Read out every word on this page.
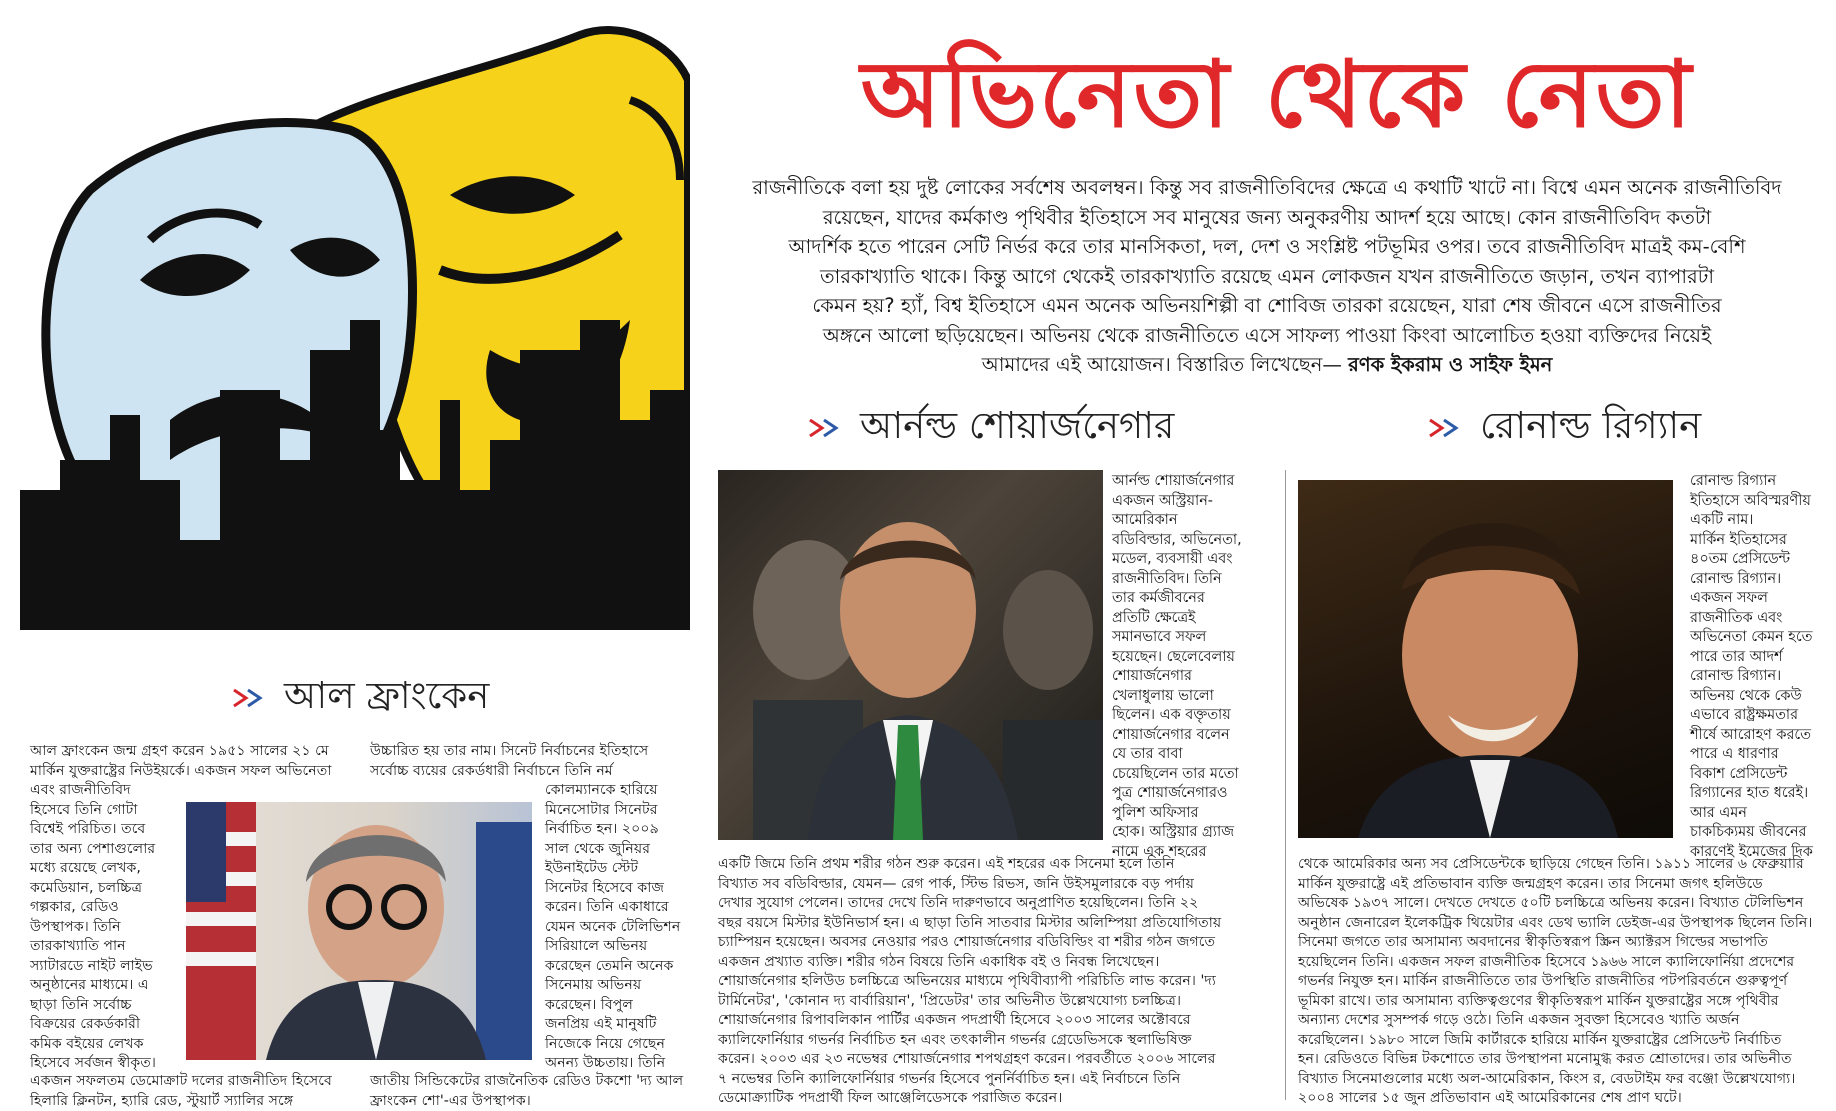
অভিনেতা থেকে নেতা
রাজনীতিকে বলা হয় দুষ্ট লোকের সর্বশেষ অবলম্বন। কিন্তু সব রাজনীতিবিদের ক্ষেত্রে এ কথাটি খাটে না। বিশ্বে এমন অনেক রাজনীতিবিদ
রয়েছেন, যাদের কর্মকাণ্ড পৃথিবীর ইতিহাসে সব মানুষের জন্য অনুকরণীয় আদর্শ হয়ে আছে। কোন রাজনীতিবিদ কতটা
আদর্শিক হতে পারেন সেটি নির্ভর করে তার মানসিকতা, দল, দেশ ও সংশ্লিষ্ট পটভূমির ওপর। তবে রাজনীতিবিদ মাত্রই কম-বেশি
তারকাখ্যাতি থাকে। কিন্তু আগে থেকেই তারকাখ্যাতি রয়েছে এমন লোকজন যখন রাজনীতিতে জড়ান, তখন ব্যাপারটা
কেমন হয়? হ্যাঁ, বিশ্ব ইতিহাসে এমন অনেক অভিনয়শিল্পী বা শোবিজ তারকা রয়েছেন, যারা শেষ জীবনে এসে রাজনীতির
অঙ্গনে আলো ছড়িয়েছেন। অভিনয় থেকে রাজনীতিতে এসে সাফল্য পাওয়া কিংবা আলোচিত হওয়া ব্যক্তিদের নিয়েই
আমাদের এই আয়োজন। বিস্তারিত লিখেছেন— রণক ইকরাম ও সাইফ ইমন
আর্নল্ড শোয়ার্জনেগার	রোনাল্ড রিগ্যান
আল ফ্রাংকেন
আর্নল্ড শোয়ার্জনেগার
একজন অস্ট্রিয়ান-
আমেরিকান
বডিবিল্ডার, অভিনেতা,
মডেল, ব্যবসায়ী এবং
রাজনীতিবিদ। তিনি
তার কর্মজীবনের
প্রতিটি ক্ষেত্রেই
সমানভাবে সফল
হয়েছেন। ছেলেবেলায়
শোয়ার্জনেগার
খেলাধুলায় ভালো
ছিলেন। এক বক্তৃতায়
শোয়ার্জনেগার বলেন
যে তার বাবা
চেয়েছিলেন তার মতো
পুত্র শোয়ার্জনেগারও
পুলিশ অফিসার
হোক। অস্ট্রিয়ার গ্র্যাজ
নামে এক শহরের
একটি জিমে তিনি প্রথম শরীর গঠন শুরু করেন। এই শহরের এক সিনেমা হলে তিনি
বিখ্যাত সব বডিবিল্ডার, যেমন— রেগ পার্ক, স্টিভ রিভস, জনি উইসমুলারকে বড় পর্দায়
দেখার সুযোগ পেলেন। তাদের দেখে তিনি দারুণভাবে অনুপ্রাণিত হয়েছিলেন। তিনি ২২
বছর বয়সে মিস্টার ইউনিভার্স হন। এ ছাড়া তিনি সাতবার মিস্টার অলিম্পিয়া প্রতিযোগিতায়
চ্যাম্পিয়ন হয়েছেন। অবসর নেওয়ার পরও শোয়ার্জনেগার বডিবিল্ডিং বা শরীর গঠন জগতে
একজন প্রখ্যাত ব্যক্তি। শরীর গঠন বিষয়ে তিনি একাধিক বই ও নিবন্ধ লিখেছেন।
শোয়ার্জনেগার হলিউড চলচ্চিত্রে অভিনয়ের মাধ্যমে পৃথিবীব্যাপী পরিচিতি লাভ করেন। 'দ্য
টার্মিনেটর', 'কোনান দ্য বার্বারিয়ান', 'প্রিডেটর' তার অভিনীত উল্লেখযোগ্য চলচ্চিত্র।
শোয়ার্জনেগার রিপাবলিকান পার্টির একজন পদপ্রার্থী হিসেবে ২০০৩ সালের অক্টোবরে
ক্যালিফোর্নিয়ার গভর্নর নির্বাচিত হন এবং তৎকালীন গভর্নর গ্রেডেভিসকে স্থলাভিষিক্ত
করেন। ২০০৩ এর ২৩ নভেম্বর শোয়ার্জনেগার শপথগ্রহণ করেন। পরবর্তীতে ২০০৬ সালের
৭ নভেম্বর তিনি ক্যালিফোর্নিয়ার গভর্নর হিসেবে পুনর্নির্বাচিত হন। এই নির্বাচনে তিনি
ডেমোক্র্যাটিক পদপ্রার্থী ফিল আঞ্জেলিডেসকে পরাজিত করেন।
রোনাল্ড রিগ্যান
ইতিহাসে অবিস্মরণীয়
একটি নাম।
মার্কিন ইতিহাসের
৪০তম প্রেসিডেন্ট
রোনাল্ড রিগ্যান।
একজন সফল
রাজনীতিক এবং
অভিনেতা কেমন হতে
পারে তার আদর্শ
রোনাল্ড রিগ্যান।
অভিনয় থেকে কেউ
এভাবে রাষ্ট্রক্ষমতার
শীর্ষে আরোহণ করতে
পারে এ ধারণার
বিকাশ প্রেসিডেন্ট
রিগ্যানের হাত ধরেই।
আর এমন
চাকচিক্যময় জীবনের
কারণেই ইমেজের দিক
থেকে আমেরিকার অন্য সব প্রেসিডেন্টকে ছাড়িয়ে গেছেন তিনি। ১৯১১ সালের ৬ ফেব্রুয়ারি
মার্কিন যুক্তরাষ্ট্রে এই প্রতিভাবান ব্যক্তি জন্মগ্রহণ করেন। তার সিনেমা জগৎ হলিউডে
অভিষেক ১৯৩৭ সালে। দেখতে দেখতে ৫০টি চলচ্চিত্রে অভিনয় করেন। বিখ্যাত টেলিভিশন
অনুষ্ঠান জেনারেল ইলেকট্রিক থিয়েটার এবং ডেথ ভ্যালি ডেইজ-এর উপস্থাপক ছিলেন তিনি।
সিনেমা জগতে তার অসামান্য অবদানের স্বীকৃতিস্বরূপ স্ক্রিন অ্যাক্টরস গিল্ডের সভাপতি
হয়েছিলেন তিনি। একজন সফল রাজনীতিক হিসেবে ১৯৬৬ সালে ক্যালিফোর্নিয়া প্রদেশের
গভর্নর নিযুক্ত হন। মার্কিন রাজনীতিতে তার উপস্থিতি রাজনীতির পটপরিবর্তনে গুরুত্বপূর্ণ
ভূমিকা রাখে। তার অসামান্য ব্যক্তিত্বগুণের স্বীকৃতিস্বরূপ মার্কিন যুক্তরাষ্ট্রের সঙ্গে পৃথিবীর
অন্যান্য দেশের সুসম্পর্ক গড়ে ওঠে। তিনি একজন সুবক্তা হিসেবেও খ্যাতি অর্জন
করেছিলেন। ১৯৮০ সালে জিমি কার্টারকে হারিয়ে মার্কিন যুক্তরাষ্ট্রের প্রেসিডেন্ট নির্বাচিত
হন। রেডিওতে বিভিন্ন টকশোতে তার উপস্থাপনা মনোমুগ্ধ করত শ্রোতাদের। তার অভিনীত
বিখ্যাত সিনেমাগুলোর মধ্যে অল-আমেরিকান, কিংস র, বেডটাইম ফর বঞ্জো উল্লেখযোগ্য।
২০০৪ সালের ১৫ জুন প্রতিভাবান এই আমেরিকানের শেষ প্রাণ ঘটে।
আল ফ্রাংকেন জন্ম গ্রহণ করেন ১৯৫১ সালের ২১ মে
মার্কিন যুক্তরাষ্ট্রের নিউইয়র্কে। একজন সফল অভিনেতা
এবং রাজনীতিবিদ
হিসেবে তিনি গোটা
বিশ্বেই পরিচিত। তবে
তার অন্য পেশাগুলোর
মধ্যে রয়েছে লেখক,
কমেডিয়ান, চলচ্চিত্র
গল্পকার, রেডিও
উপস্থাপক। তিনি
তারকাখ্যাতি পান
স্যাটারডে নাইট লাইভ
অনুষ্ঠানের মাধ্যমে। এ
ছাড়া তিনি সর্বোচ্চ
বিক্রয়ের রেকর্ডকারী
কমিক বইয়ের লেখক
হিসেবে সর্বজন স্বীকৃত।
একজন সফলতম ডেমোক্রাট দলের রাজনীতিদ হিসেবে
হিলারি ক্লিনটন, হ্যারি রেড, স্টুয়ার্ট স্যালির সঙ্গে
উচ্চারিত হয় তার নাম। সিনেট নির্বাচনের ইতিহাসে
সর্বোচ্চ ব্যয়ের রেকর্ডধারী নির্বাচনে তিনি নর্ম
কোলম্যানকে হারিয়ে
মিনেসোটার সিনেটর
নির্বাচিত হন। ২০০৯
সাল থেকে জুনিয়র
ইউনাইটেড স্টেট
সিনেটর হিসেবে কাজ
করেন। তিনি একাধারে
যেমন অনেক টেলিভিশন
সিরিয়ালে অভিনয়
করেছেন তেমনি অনেক
সিনেমায় অভিনয়
করেছেন। বিপুল
জনপ্রিয় এই মানুষটি
নিজেকে নিয়ে গেছেন
অনন্য উচ্চতায়। তিনি
জাতীয় সিন্ডিকেটের রাজনৈতিক রেডিও টকশো 'দ্য আল
ফ্রাংকেন শো'-এর উপস্থাপক।
